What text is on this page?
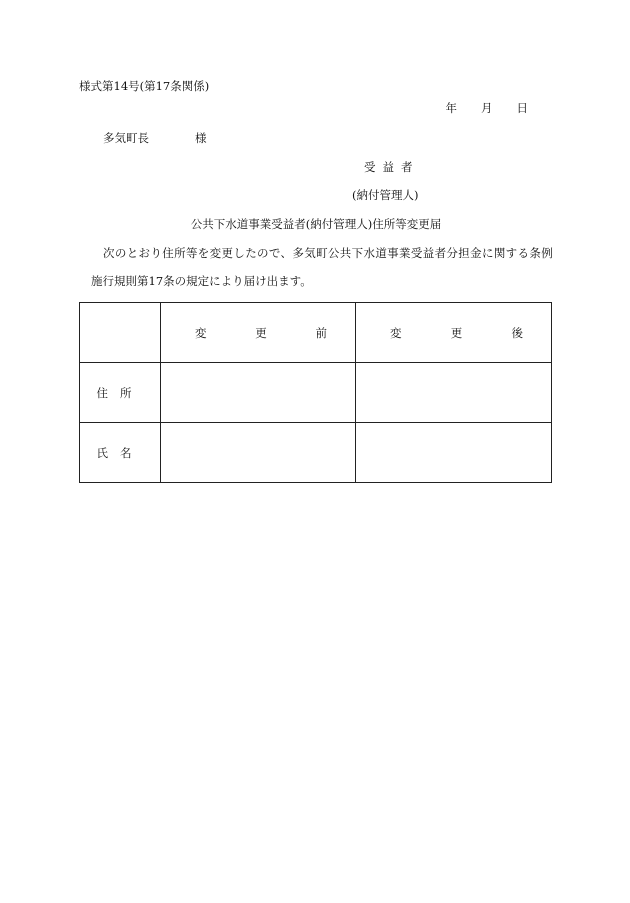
様式第14号(第17条関係)
年 月 日
多気町長	様
受益者
(納付管理人)
公共下水道事業受益者(納付管理人)住所等変更届
次のとおり住所等を変更したので、多気町公共下水道事業受益者分担金に関する条例
施行規則第17条の規定により届け出ます。

	変 更 前	変 更 後

住所		
氏名		
